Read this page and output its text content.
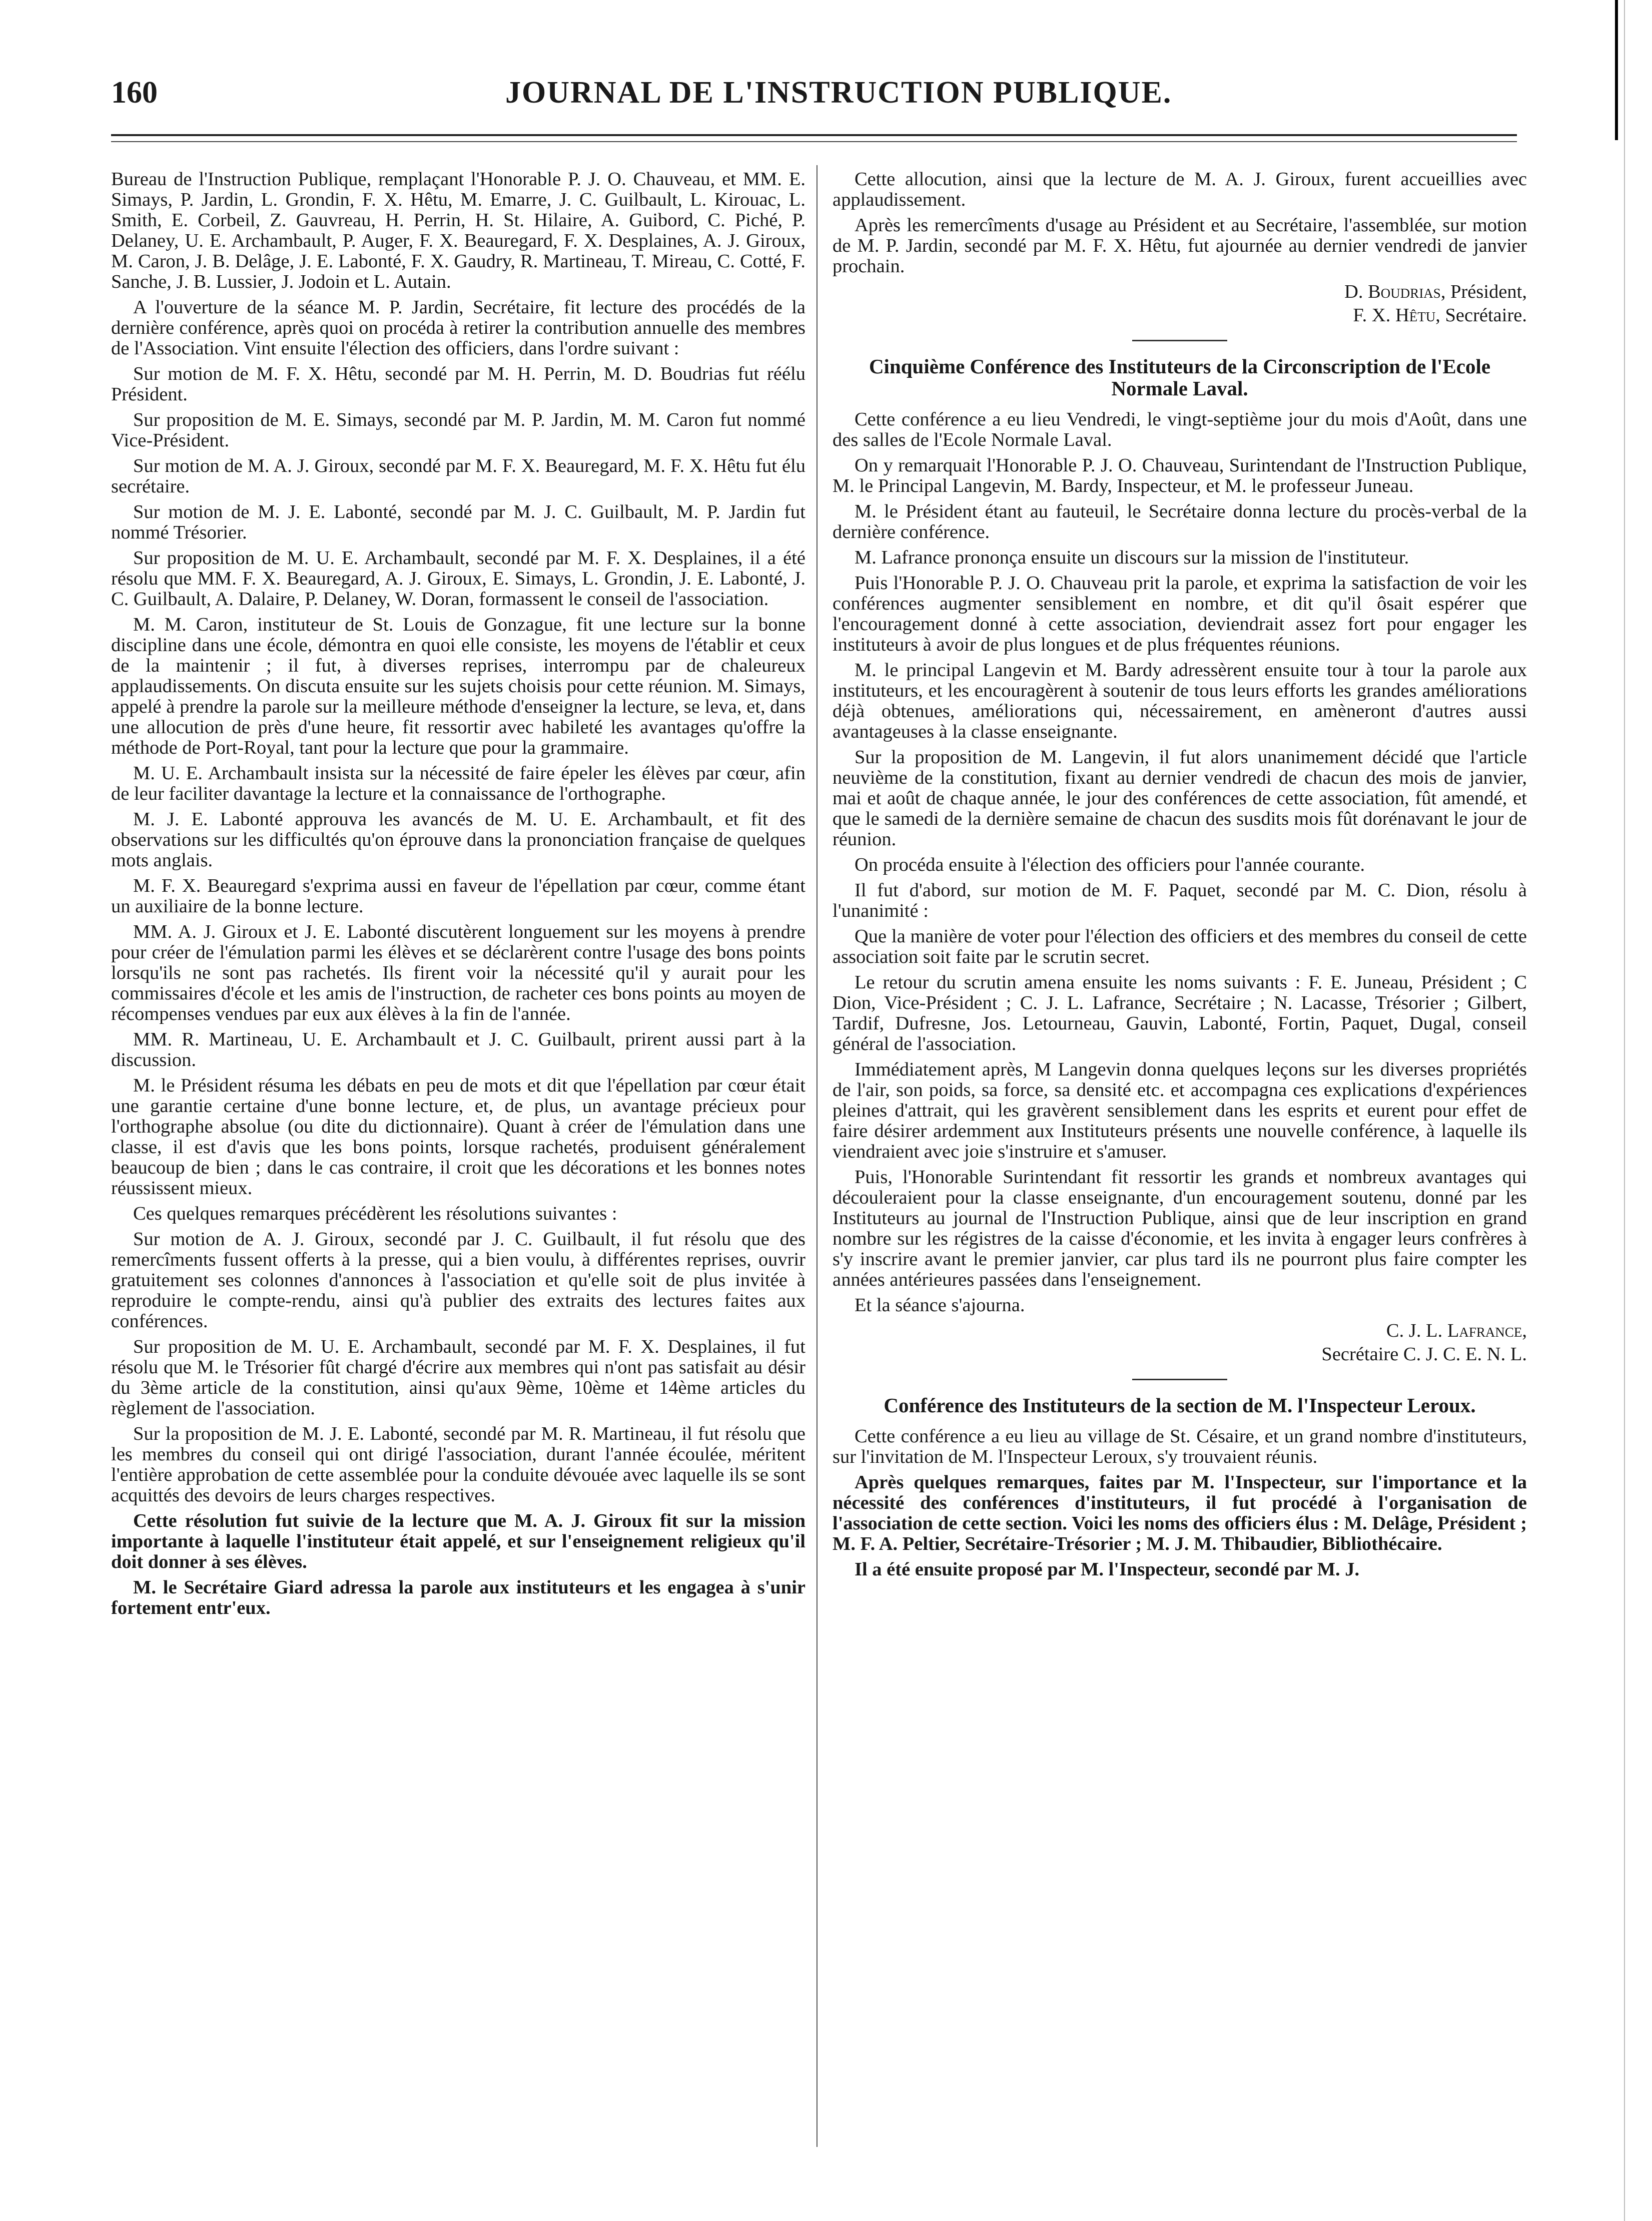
160	JOURNAL DE L'INSTRUCTION PUBLIQUE.

Bureau de l'Instruction Publique, remplaçant l'Honorable P. J. O. Chauveau, et MM. E. Simays, P. Jardin, L. Grondin, F. X. Hêtu, M. Emarre, J. C. Guilbault, L. Kirouac, L. Smith, E. Corbeil, Z. Gauvreau, H. Perrin, H. St. Hilaire, A. Guibord, C. Piché, P. Delaney, U. E. Archambault, P. Auger, F. X. Beauregard, F. X. Desplaines, A. J. Giroux, M. Caron, J. B. Delâge, J. E. Labonté, F. X. Gaudry, R. Martineau, T. Mireau, C. Cotté, F. Sanche, J. B. Lussier, J. Jodoin et L. Autain.

A l'ouverture de la séance M. P. Jardin, Secrétaire, fit lecture des procédés de la dernière conférence, après quoi on procéda à retirer la contribution annuelle des membres de l'Association. Vint ensuite l'élection des officiers, dans l'ordre suivant :

Sur motion de M. F. X. Hêtu, secondé par M. H. Perrin, M. D. Boudrias fut réélu Président.

Sur proposition de M. E. Simays, secondé par M. P. Jardin, M. M. Caron fut nommé Vice-Président.

Sur motion de M. A. J. Giroux, secondé par M. F. X. Beauregard, M. F. X. Hêtu fut élu secrétaire.

Sur motion de M. J. E. Labonté, secondé par M. J. C. Guilbault, M. P. Jardin fut nommé Trésorier.

Sur proposition de M. U. E. Archambault, secondé par M. F. X. Desplaines, il a été résolu que MM. F. X. Beauregard, A. J. Giroux, E. Simays, L. Grondin, J. E. Labonté, J. C. Guilbault, A. Dalaire, P. Delaney, W. Doran, formassent le conseil de l'association.

M. M. Caron, instituteur de St. Louis de Gonzague, fit une lecture sur la bonne discipline dans une école, démontra en quoi elle consiste, les moyens de l'établir et ceux de la maintenir ; il fut, à diverses reprises, interrompu par de chaleureux applaudissements. On discuta ensuite sur les sujets choisis pour cette réunion. M. Simays, appelé à prendre la parole sur la meilleure méthode d'enseigner la lecture, se leva, et, dans une allocution de près d'une heure, fit ressortir avec habileté les avantages qu'offre la méthode de Port-Royal, tant pour la lecture que pour la grammaire.

M. U. E. Archambault insista sur la nécessité de faire épeler les élèves par cœur, afin de leur faciliter davantage la lecture et la connaissance de l'orthographe.

M. J. E. Labonté approuva les avancés de M. U. E. Archambault, et fit des observations sur les difficultés qu'on éprouve dans la prononciation française de quelques mots anglais.

M. F. X. Beauregard s'exprima aussi en faveur de l'épellation par cœur, comme étant un auxiliaire de la bonne lecture.

MM. A. J. Giroux et J. E. Labonté discutèrent longuement sur les moyens à prendre pour créer de l'émulation parmi les élèves et se déclarèrent contre l'usage des bons points lorsqu'ils ne sont pas rachetés. Ils firent voir la nécessité qu'il y aurait pour les commissaires d'école et les amis de l'instruction, de racheter ces bons points au moyen de récompenses vendues par eux aux élèves à la fin de l'année.

MM. R. Martineau, U. E. Archambault et J. C. Guilbault, prirent aussi part à la discussion.

M. le Président résuma les débats en peu de mots et dit que l'épellation par cœur était une garantie certaine d'une bonne lecture, et, de plus, un avantage précieux pour l'orthographe absolue (ou dite du dictionnaire). Quant à créer de l'émulation dans une classe, il est d'avis que les bons points, lorsque rachetés, produisent généralement beaucoup de bien ; dans le cas contraire, il croit que les décorations et les bonnes notes réussissent mieux.

Ces quelques remarques précédèrent les résolutions suivantes :

Sur motion de A. J. Giroux, secondé par J. C. Guilbault, il fut résolu que des remercîments fussent offerts à la presse, qui a bien voulu, à différentes reprises, ouvrir gratuitement ses colonnes d'annonces à l'association et qu'elle soit de plus invitée à reproduire le compte-rendu, ainsi qu'à publier des extraits des lectures faites aux conférences.

Sur proposition de M. U. E. Archambault, secondé par M. F. X. Desplaines, il fut résolu que M. le Trésorier fût chargé d'écrire aux membres qui n'ont pas satisfait au désir du 3ème article de la constitution, ainsi qu'aux 9ème, 10ème et 14ème articles du règlement de l'association.

Sur la proposition de M. J. E. Labonté, secondé par M. R. Martineau, il fut résolu que les membres du conseil qui ont dirigé l'association, durant l'année écoulée, méritent l'entière approbation de cette assemblée pour la conduite dévouée avec laquelle ils se sont acquittés des devoirs de leurs charges respectives.

Cette résolution fut suivie de la lecture que M. A. J. Giroux fit sur la mission importante à laquelle l'instituteur était appelé, et sur l'enseignement religieux qu'il doit donner à ses élèves.

M. le Secrétaire Giard adressa la parole aux instituteurs et les engagea à s'unir fortement entr'eux.

Cette allocution, ainsi que la lecture de M. A. J. Giroux, furent accueillies avec applaudissement.

Après les remercîments d'usage au Président et au Secrétaire, l'assemblée, sur motion de M. P. Jardin, secondé par M. F. X. Hêtu, fut ajournée au dernier vendredi de janvier prochain.

D. Boudrias, Président,
F. X. Hêtu, Secrétaire.
Cinquième Conférence des Instituteurs de la Circonscription de l'Ecole Normale Laval.

Cette conférence a eu lieu Vendredi, le vingt-septième jour du mois d'Août, dans une des salles de l'Ecole Normale Laval.

On y remarquait l'Honorable P. J. O. Chauveau, Surintendant de l'Instruction Publique, M. le Principal Langevin, M. Bardy, Inspecteur, et M. le professeur Juneau.

M. le Président étant au fauteuil, le Secrétaire donna lecture du procès-verbal de la dernière conférence.

M. Lafrance prononça ensuite un discours sur la mission de l'instituteur.

Puis l'Honorable P. J. O. Chauveau prit la parole, et exprima la satisfaction de voir les conférences augmenter sensiblement en nombre, et dit qu'il ôsait espérer que l'encouragement donné à cette association, deviendrait assez fort pour engager les instituteurs à avoir de plus longues et de plus fréquentes réunions.

M. le principal Langevin et M. Bardy adressèrent ensuite tour à tour la parole aux instituteurs, et les encouragèrent à soutenir de tous leurs efforts les grandes améliorations déjà obtenues, améliorations qui, nécessairement, en amèneront d'autres aussi avantageuses à la classe enseignante.

Sur la proposition de M. Langevin, il fut alors unanimement décidé que l'article neuvième de la constitution, fixant au dernier vendredi de chacun des mois de janvier, mai et août de chaque année, le jour des conférences de cette association, fût amendé, et que le samedi de la dernière semaine de chacun des susdits mois fût dorénavant le jour de réunion.

On procéda ensuite à l'élection des officiers pour l'année courante.

Il fut d'abord, sur motion de M. F. Paquet, secondé par M. C. Dion, résolu à l'unanimité :

Que la manière de voter pour l'élection des officiers et des membres du conseil de cette association soit faite par le scrutin secret.

Le retour du scrutin amena ensuite les noms suivants : F. E. Juneau, Président ; C Dion, Vice-Président ; C. J. L. Lafrance, Secrétaire ; N. Lacasse, Trésorier ; Gilbert, Tardif, Dufresne, Jos. Letourneau, Gauvin, Labonté, Fortin, Paquet, Dugal, conseil général de l'association.

Immédiatement après, M Langevin donna quelques leçons sur les diverses propriétés de l'air, son poids, sa force, sa densité etc. et accompagna ces explications d'expériences pleines d'attrait, qui les gravèrent sensiblement dans les esprits et eurent pour effet de faire désirer ardemment aux Instituteurs présents une nouvelle conférence, à laquelle ils viendraient avec joie s'instruire et s'amuser.

Puis, l'Honorable Surintendant fit ressortir les grands et nombreux avantages qui découleraient pour la classe enseignante, d'un encouragement soutenu, donné par les Instituteurs au journal de l'Instruction Publique, ainsi que de leur inscription en grand nombre sur les régistres de la caisse d'économie, et les invita à engager leurs confrères à s'y inscrire avant le premier janvier, car plus tard ils ne pourront plus faire compter les années antérieures passées dans l'enseignement.

Et la séance s'ajourna.

C. J. L. Lafrance,
Secrétaire C. J. C. E. N. L.
Conférence des Instituteurs de la section de M. l'Inspecteur Leroux.

Cette conférence a eu lieu au village de St. Césaire, et un grand nombre d'instituteurs, sur l'invitation de M. l'Inspecteur Leroux, s'y trouvaient réunis.

Après quelques remarques, faites par M. l'Inspecteur, sur l'importance et la nécessité des conférences d'instituteurs, il fut procédé à l'organisation de l'association de cette section. Voici les noms des officiers élus : M. Delâge, Président ; M. F. A. Peltier, Secrétaire-Trésorier ; M. J. M. Thibaudier, Bibliothécaire.

Il a été ensuite proposé par M. l'Inspecteur, secondé par M. J.
